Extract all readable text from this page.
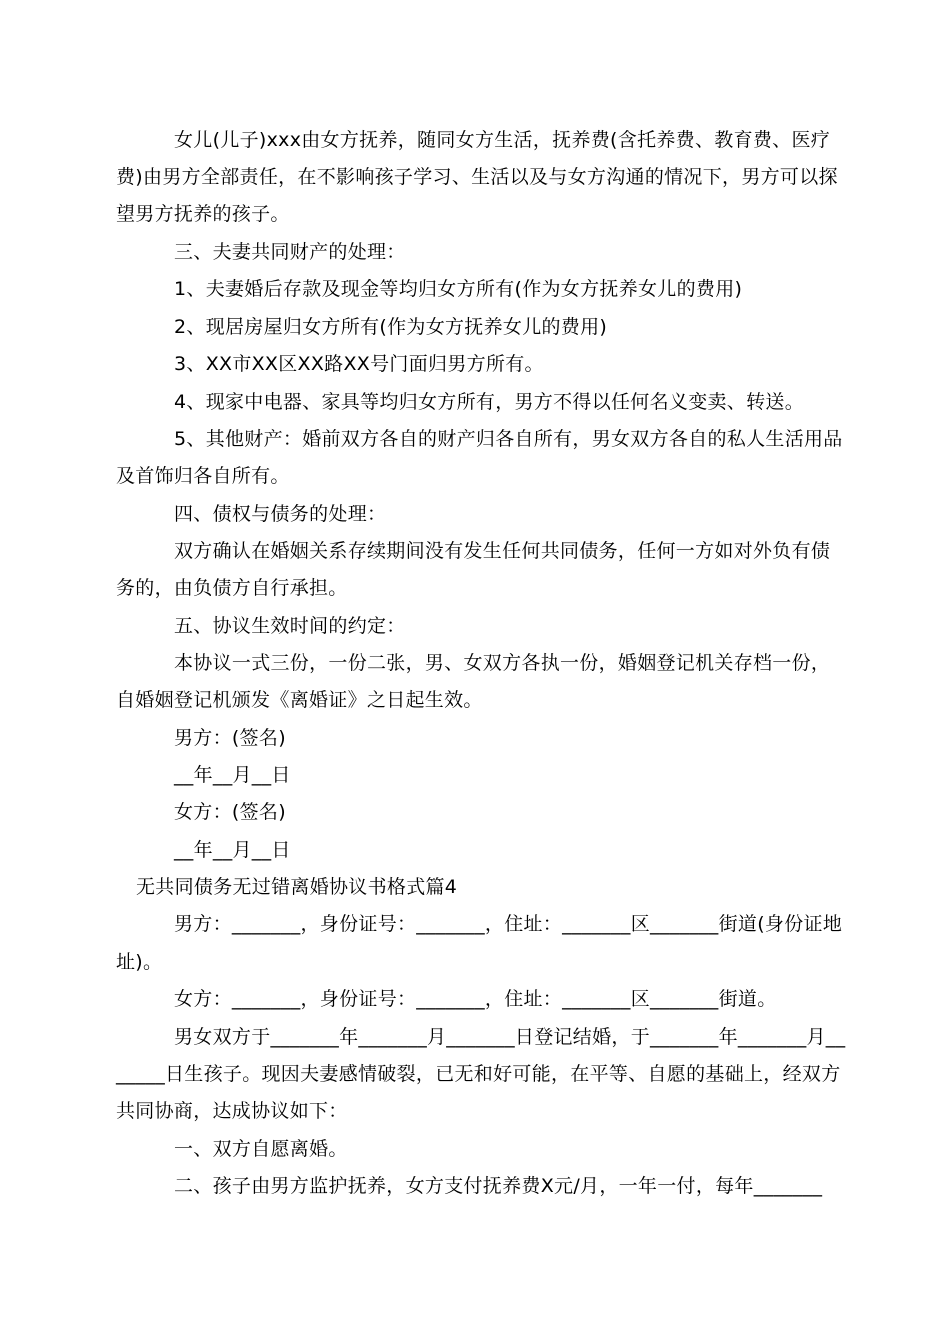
女儿(儿子)xxx由女方抚养，随同女方生活，抚养费(含托养费、教育费、医疗
费)由男方全部责任，在不影响孩子学习、生活以及与女方沟通的情况下，男方可以探
望男方抚养的孩子。
三、夫妻共同财产的处理：
1、夫妻婚后存款及现金等均归女方所有(作为女方抚养女儿的费用)
2、现居房屋归女方所有(作为女方抚养女儿的费用)
3、XX市XX区XX路XX号门面归男方所有。
4、现家中电器、家具等均归女方所有，男方不得以任何名义变卖、转送。
5、其他财产：婚前双方各自的财产归各自所有，男女双方各自的私人生活用品
及首饰归各自所有。
四、债权与债务的处理：
双方确认在婚姻关系存续期间没有发生任何共同债务，任何一方如对外负有债
务的，由负债方自行承担。
五、协议生效时间的约定：
本协议一式三份，一份二张，男、女双方各执一份，婚姻登记机关存档一份，
自婚姻登记机颁发《离婚证》之日起生效。
男方：(签名)
__年__月__日
女方：(签名)
__年__月__日
无共同债务无过错离婚协议书格式篇4
男方：_______，身份证号：_______，住址：_______区_______街道(身份证地
址)。
女方：_______，身份证号：_______，住址：_______区_______街道。
男女双方于_______年_______月_______日登记结婚，于_______年_______月__
_____日生孩子。现因夫妻感情破裂，已无和好可能，在平等、自愿的基础上，经双方
共同协商，达成协议如下：
一、双方自愿离婚。
二、孩子由男方监护抚养，女方支付抚养费X元/月，一年一付，每年_______
